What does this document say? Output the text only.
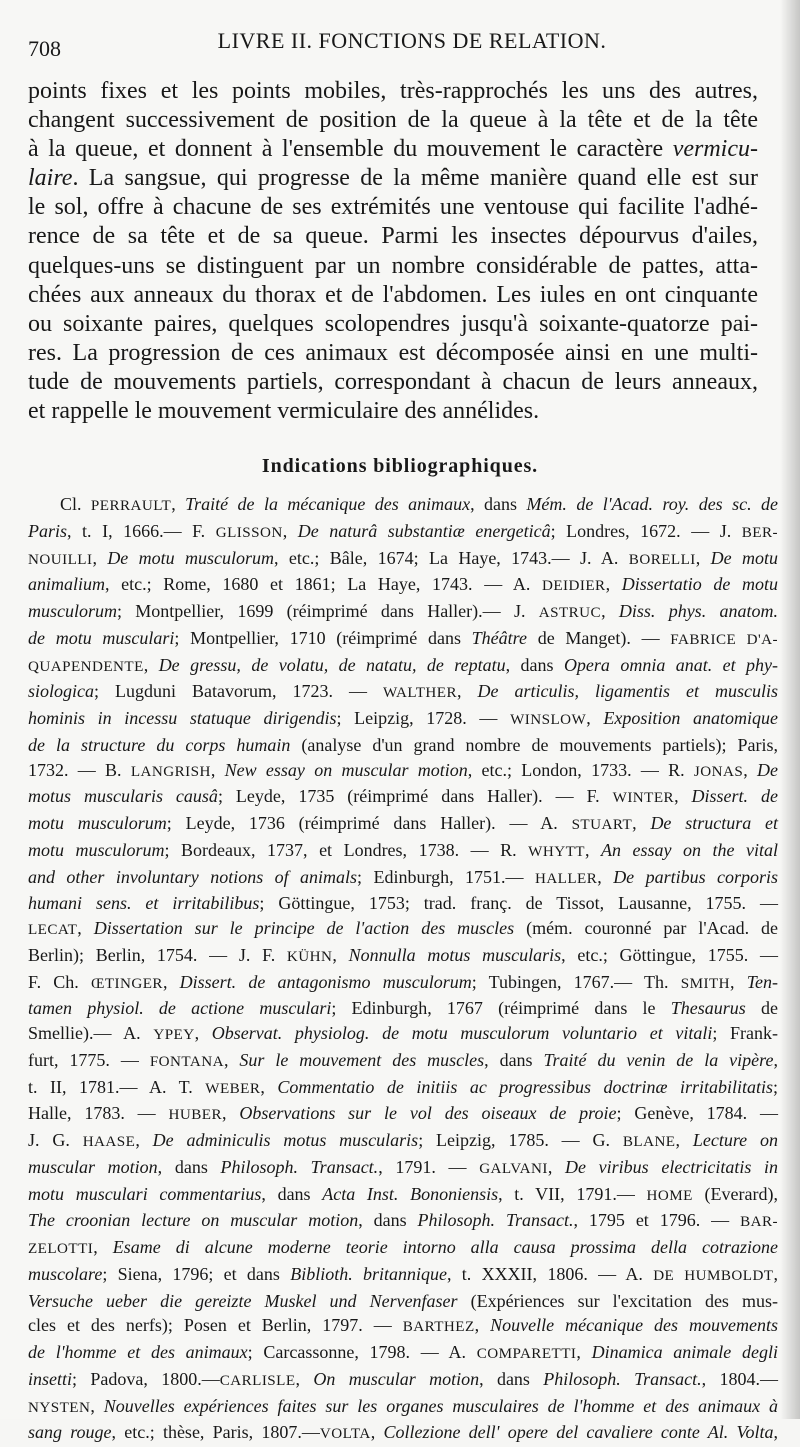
708	LIVRE II. FONCTIONS DE RELATION.
points fixes et les points mobiles, très-rapprochés les uns des autres,
changent successivement de position de la queue à la tête et de la tête
à la queue, et donnent à l'ensemble du mouvement le caractère vermicu-
laire. La sangsue, qui progresse de la même manière quand elle est sur
le sol, offre à chacune de ses extrémités une ventouse qui facilite l'adhé-
rence de sa tête et de sa queue. Parmi les insectes dépourvus d'ailes,
quelques-uns se distinguent par un nombre considérable de pattes, atta-
chées aux anneaux du thorax et de l'abdomen. Les iules en ont cinquante
ou soixante paires, quelques scolopendres jusqu'à soixante-quatorze pai-
res. La progression de ces animaux est décomposée ainsi en une multi-
tude de mouvements partiels, correspondant à chacun de leurs anneaux,
et rappelle le mouvement vermiculaire des annélides.
Indications bibliographiques.
Cl. PERRAULT, Traité de la mécanique des animaux, dans Mém. de l'Acad. roy. des sc. de
Paris, t. I, 1666.— F. GLISSON, De naturâ substantiæ energeticâ; Londres, 1672. — J. BER-
NOUILLI, De motu musculorum, etc.; Bâle, 1674; La Haye, 1743.— J. A. BORELLI, De motu
animalium, etc.; Rome, 1680 et 1861; La Haye, 1743. — A. DEIDIER, Dissertatio de motu
musculorum; Montpellier, 1699 (réimprimé dans Haller).— J. ASTRUC, Diss. phys. anatom.
de motu musculari; Montpellier, 1710 (réimprimé dans Théâtre de Manget). — FABRICE D'A-
QUAPENDENTE, De gressu, de volatu, de natatu, de reptatu, dans Opera omnia anat. et phy-
siologica; Lugduni Batavorum, 1723. — WALTHER, De articulis, ligamentis et musculis
hominis in incessu statuque dirigendis; Leipzig, 1728. — WINSLOW, Exposition anatomique
de la structure du corps humain (analyse d'un grand nombre de mouvements partiels); Paris,
1732. — B. LANGRISH, New essay on muscular motion, etc.; London, 1733. — R. JONAS, De
motus muscularis causâ; Leyde, 1735 (réimprimé dans Haller). — F. WINTER, Dissert. de
motu musculorum; Leyde, 1736 (réimprimé dans Haller). — A. STUART, De structura et
motu musculorum; Bordeaux, 1737, et Londres, 1738. — R. WHYTT, An essay on the vital
and other involuntary notions of animals; Edinburgh, 1751.— HALLER, De partibus corporis
humani sens. et irritabilibus; Göttingue, 1753; trad. franç. de Tissot, Lausanne, 1755. —
LECAT, Dissertation sur le principe de l'action des muscles (mém. couronné par l'Acad. de
Berlin); Berlin, 1754. — J. F. KÜHN, Nonnulla motus muscularis, etc.; Göttingue, 1755. —
F. Ch. ŒTINGER, Dissert. de antagonismo musculorum; Tubingen, 1767.— Th. SMITH, Ten-
tamen physiol. de actione musculari; Edinburgh, 1767 (réimprimé dans le Thesaurus de
Smellie).— A. YPEY, Observat. physiolog. de motu musculorum voluntario et vitali; Frank-
furt, 1775. — FONTANA, Sur le mouvement des muscles, dans Traité du venin de la vipère,
t. II, 1781.— A. T. WEBER, Commentatio de initiis ac progressibus doctrinæ irritabilitatis;
Halle, 1783. — HUBER, Observations sur le vol des oiseaux de proie; Genève, 1784. —
J. G. HAASE, De adminiculis motus muscularis; Leipzig, 1785. — G. BLANE, Lecture on
muscular motion, dans Philosoph. Transact., 1791. — GALVANI, De viribus electricitatis in
motu musculari commentarius, dans Acta Inst. Bononiensis, t. VII, 1791.— HOME (Everard),
The croonian lecture on muscular motion, dans Philosoph. Transact., 1795 et 1796. — BAR-
ZELOTTI, Esame di alcune moderne teorie intorno alla causa prossima della cotrazione
muscolare; Siena, 1796; et dans Biblioth. britannique, t. XXXII, 1806. — A. DE HUMBOLDT,
Versuche ueber die gereizte Muskel und Nervenfaser (Expériences sur l'excitation des mus-
cles et des nerfs); Posen et Berlin, 1797. — BARTHEZ, Nouvelle mécanique des mouvements
de l'homme et des animaux; Carcassonne, 1798. — A. COMPARETTI, Dinamica animale degli
insetti; Padova, 1800.—CARLISLE, On muscular motion, dans Philosoph. Transact., 1804.—
NYSTEN, Nouvelles expériences faites sur les organes musculaires de l'homme et des animaux à
sang rouge, etc.; thèse, Paris, 1807.—VOLTA, Collezione dell' opere del cavaliere conte Al. Volta,
